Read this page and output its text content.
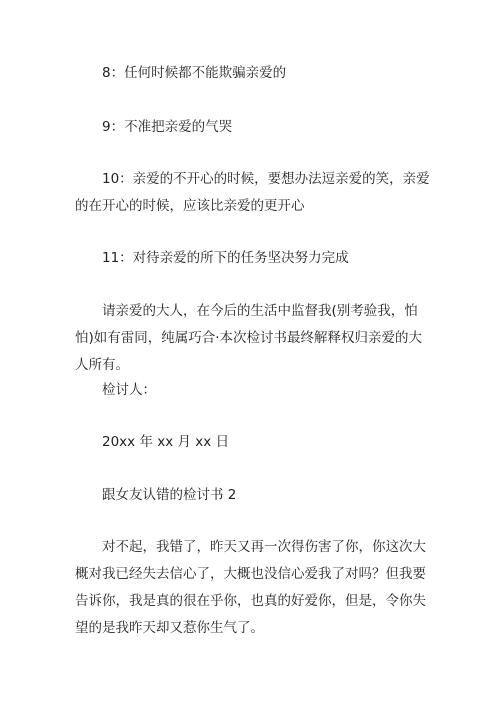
8：任何时候都不能欺骗亲爱的

9：不准把亲爱的气哭

10：亲爱的不开心的时候，要想办法逗亲爱的笑，亲爱的在开心的时候，应该比亲爱的更开心

11：对待亲爱的所下的任务坚决努力完成

请亲爱的大人，在今后的生活中监督我(别考验我，怕怕)如有雷同，纯属巧合·本次检讨书最终解释权归亲爱的大人所有。

检讨人：

20xx 年 xx 月 xx 日

跟女友认错的检讨书 2

对不起，我错了，昨天又再一次得伤害了你，你这次大概对我已经失去信心了，大概也没信心爱我了对吗？但我要告诉你，我是真的很在乎你，也真的好爱你，但是，令你失望的是我昨天却又惹你生气了。
